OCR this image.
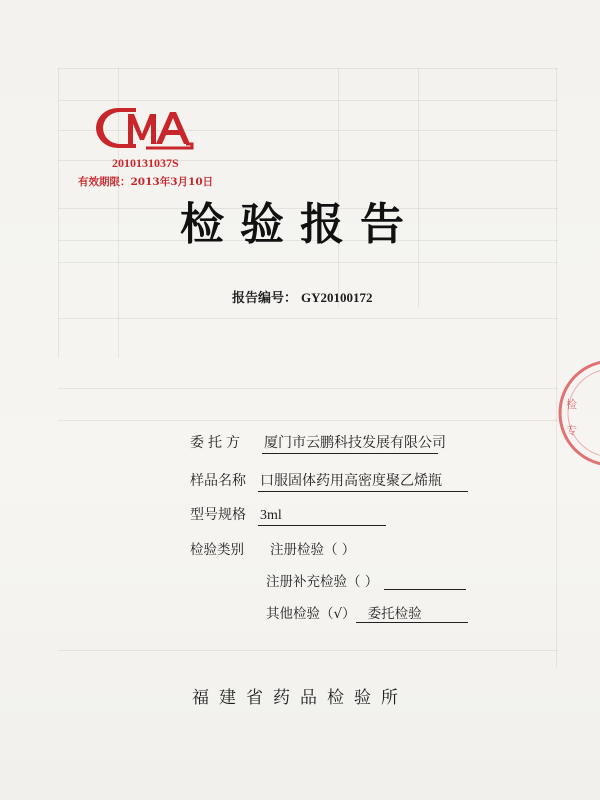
2010131037S
有效期限：2013年3月10日
检
专
检验报告
报告编号： GY20100172
委托方 厦门市云鹏科技发展有限公司
样品名称 口服固体药用高密度聚乙烯瓶
型号规格 3ml
检验类别 注册检验（ ）
注册补充检验（ ）
其他检验（√） 委托检验
福建省药品检验所
